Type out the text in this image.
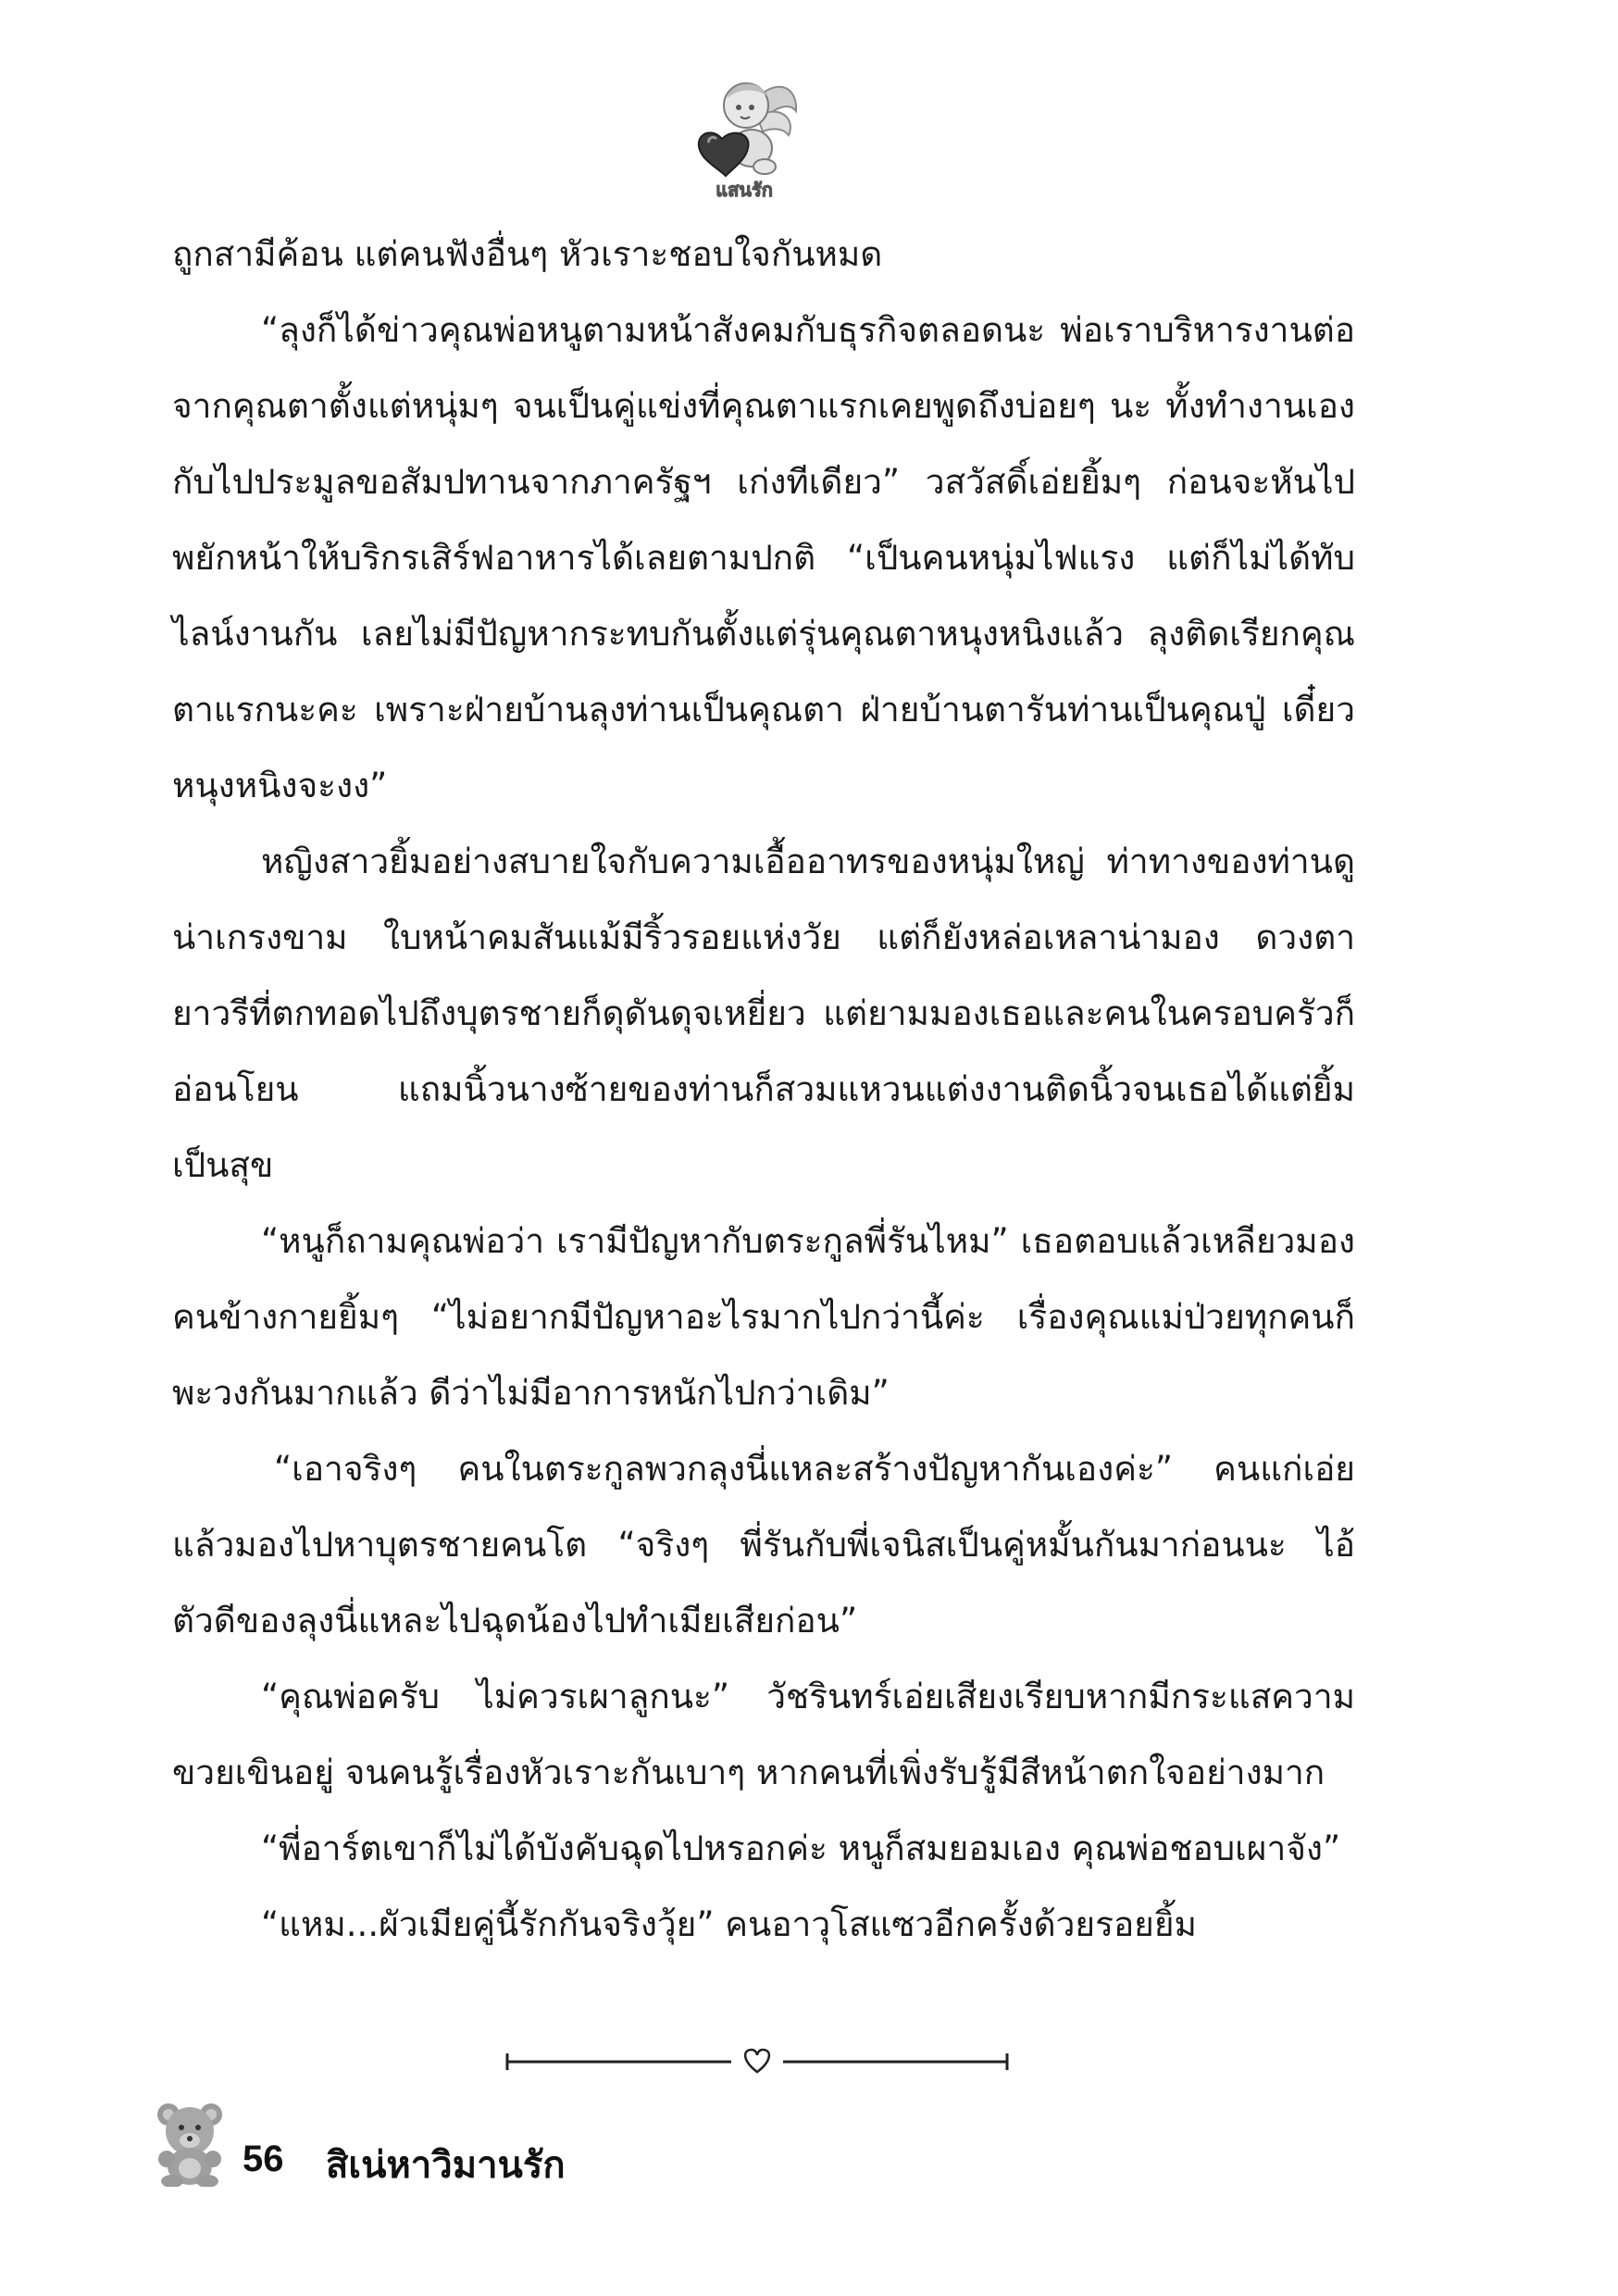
แสนรัก

ถูกสามีค้อน แต่คนฟังอื่นๆ หัวเราะชอบใจกันหมด

“ลุงก็ได้ข่าวคุณพ่อหนูตามหน้าสังคมกับธุรกิจตลอดนะ พ่อเราบริหารงานต่อจากคุณตาตั้งแต่หนุ่มๆ จนเป็นคู่แข่งที่คุณตาแรกเคยพูดถึงบ่อยๆ นะ ทั้งทำงานเองกับไปประมูลขอสัมปทานจากภาครัฐฯ เก่งทีเดียว” วสวัสดิ์เอ่ยยิ้มๆ ก่อนจะหันไปพยักหน้าให้บริกรเสิร์ฟอาหารได้เลยตามปกติ “เป็นคนหนุ่มไฟแรง แต่ก็ไม่ได้ทับไลน์งานกัน เลยไม่มีปัญหากระทบกันตั้งแต่รุ่นคุณตาหนุงหนิงแล้ว ลุงติดเรียกคุณตาแรกนะคะ เพราะฝ่ายบ้านลุงท่านเป็นคุณตา ฝ่ายบ้านตารันท่านเป็นคุณปู่ เดี๋ยวหนุงหนิงจะงง”

หญิงสาวยิ้มอย่างสบายใจกับความเอื้ออาทรของหนุ่มใหญ่ ท่าทางของท่านดูน่าเกรงขาม ใบหน้าคมสันแม้มีริ้วรอยแห่งวัย แต่ก็ยังหล่อเหลาน่ามอง ดวงตายาวรีที่ตกทอดไปถึงบุตรชายก็ดุดันดุจเหยี่ยว แต่ยามมองเธอและคนในครอบครัวก็อ่อนโยน แถมนิ้วนางซ้ายของท่านก็สวมแหวนแต่งงานติดนิ้วจนเธอได้แต่ยิ้มเป็นสุข

“หนูก็ถามคุณพ่อว่า เรามีปัญหากับตระกูลพี่รันไหม” เธอตอบแล้วเหลียวมองคนข้างกายยิ้มๆ “ไม่อยากมีปัญหาอะไรมากไปกว่านี้ค่ะ เรื่องคุณแม่ป่วยทุกคนก็พะวงกันมากแล้ว ดีว่าไม่มีอาการหนักไปกว่าเดิม”

“เอาจริงๆ คนในตระกูลพวกลุงนี่แหละสร้างปัญหากันเองค่ะ” คนแก่เอ่ยแล้วมองไปหาบุตรชายคนโต “จริงๆ พี่รันกับพี่เจนิสเป็นคู่หมั้นกันมาก่อนนะ ไอ้ตัวดีของลุงนี่แหละไปฉุดน้องไปทำเมียเสียก่อน”

“คุณพ่อครับ ไม่ควรเผาลูกนะ” วัชรินทร์เอ่ยเสียงเรียบหากมีกระแสความขวยเขินอยู่ จนคนรู้เรื่องหัวเราะกันเบาๆ หากคนที่เพิ่งรับรู้มีสีหน้าตกใจอย่างมาก

“พี่อาร์ตเขาก็ไม่ได้บังคับฉุดไปหรอกค่ะ หนูก็สมยอมเอง คุณพ่อชอบเผาจัง”

“แหม...ผัวเมียคู่นี้รักกันจริงวุ้ย” คนอาวุโสแซวอีกครั้งด้วยรอยยิ้ม

56 สิเน่หาวิมานรัก
